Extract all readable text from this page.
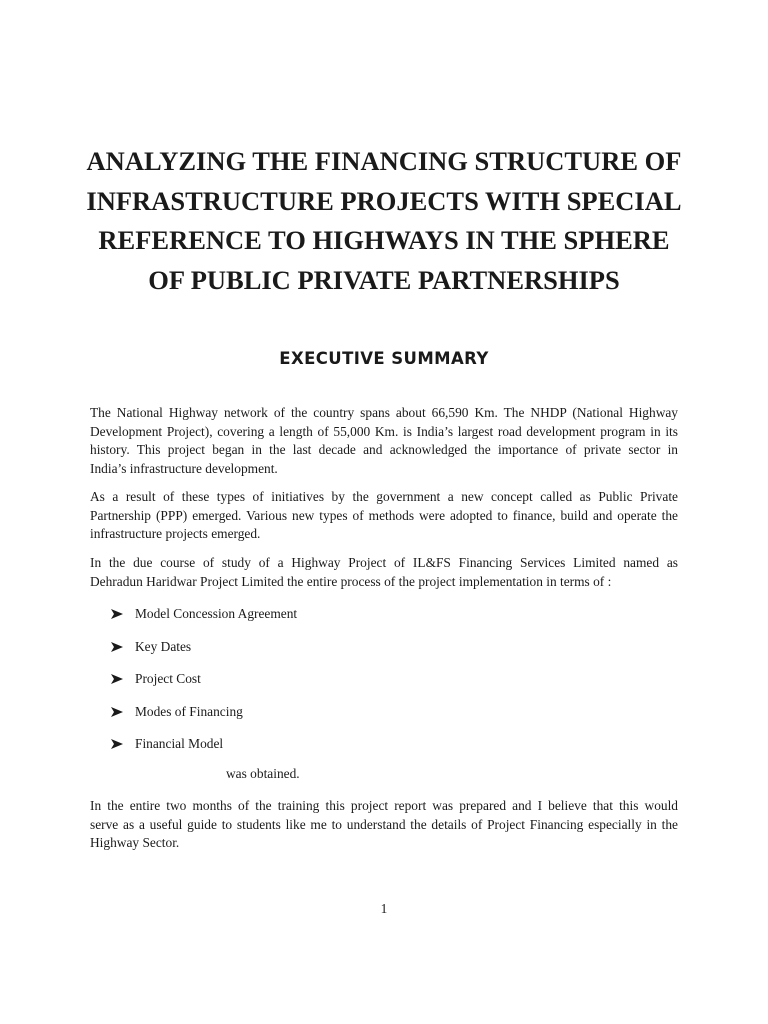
ANALYZING THE FINANCING STRUCTURE OF
INFRASTRUCTURE PROJECTS WITH SPECIAL
REFERENCE TO HIGHWAYS IN THE SPHERE
OF PUBLIC PRIVATE PARTNERSHIPS
EXECUTIVE SUMMARY

The National Highway network of the country spans about 66,590 Km. The NHDP (National Highway
Development Project), covering a length of 55,000 Km. is India’s largest road development program in its
history. This project began in the last decade and acknowledged the importance of private sector in
India’s infrastructure development.

As a result of these types of initiatives by the government a new concept called as Public Private
Partnership (PPP) emerged. Various new types of methods were adopted to finance, build and operate the
infrastructure projects emerged.

In the due course of study of a Highway Project of IL&FS Financing Services Limited named as
Dehradun Haridwar Project Limited the entire process of the project implementation in terms of :

Model Concession Agreement
Key Dates
Project Cost
Modes of Financing
Financial Model

was obtained.

In the entire two months of the training this project report was prepared and I believe that this would
serve as a useful guide to students like me to understand the details of Project Financing especially in the
Highway Sector.

1
